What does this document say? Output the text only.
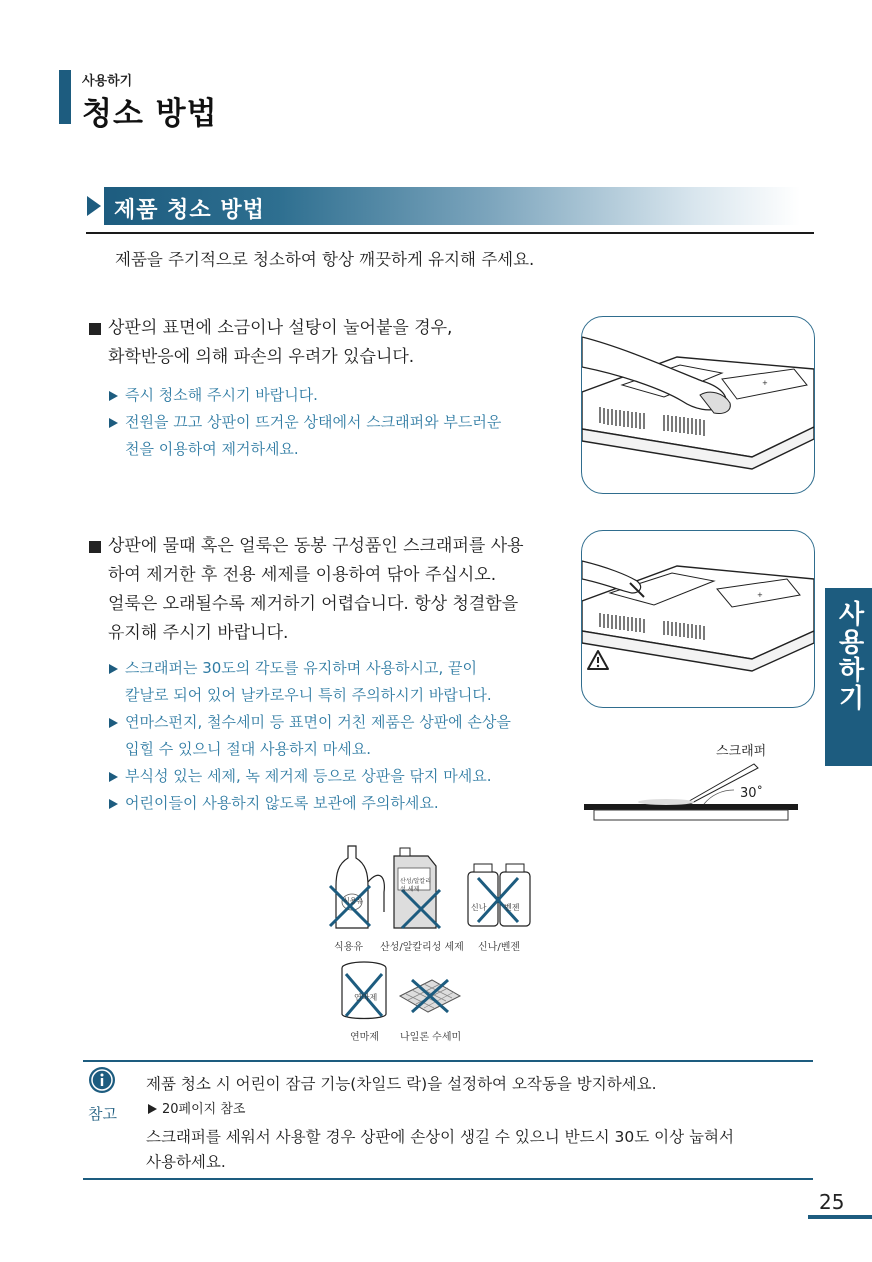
사용하기
청소 방법
제품 청소 방법
제품을 주기적으로 청소하여 항상 깨끗하게 유지해 주세요.
상판의 표면에 소금이나 설탕이 눌어붙을 경우,
화학반응에 의해 파손의 우려가 있습니다.
즉시 청소해 주시기 바랍니다.
전원을 끄고 상판이 뜨거운 상태에서 스크래퍼와 부드러운
천을 이용하여 제거하세요.
+
상판에 물때 혹은 얼룩은 동봉 구성품인 스크래퍼를 사용
하여 제거한 후 전용 세제를 이용하여 닦아 주십시오.
얼룩은 오래될수록 제거하기 어렵습니다. 항상 청결함을
유지해 주시기 바랍니다.
스크래퍼는 30도의 각도를 유지하며 사용하시고, 끝이
칼날로 되어 있어 날카로우니 특히 주의하시기 바랍니다.
연마스펀지, 철수세미 등 표면이 거친 제품은 상판에 손상을
입힐 수 있으니 절대 사용하지 마세요.
부식성 있는 세제, 녹 제거제 등으로 상판을 닦지 마세요.
어린이들이 사용하지 않도록 보관에 주의하세요.
+
스크래퍼
30˚
사용하기
식용유
산성/알칼리성 세제
신나 벤젠
식용유 산성/알칼리성 세제 신나/벤젠
연마제
연마제 나일론 수세미
참고
제품 청소 시 어린이 잠금 기능(차일드 락)을 설정하여 오작동을 방지하세요.
20페이지 참조
스크래퍼를 세워서 사용할 경우 상판에 손상이 생길 수 있으니 반드시 30도 이상 눕혀서
사용하세요.
25
